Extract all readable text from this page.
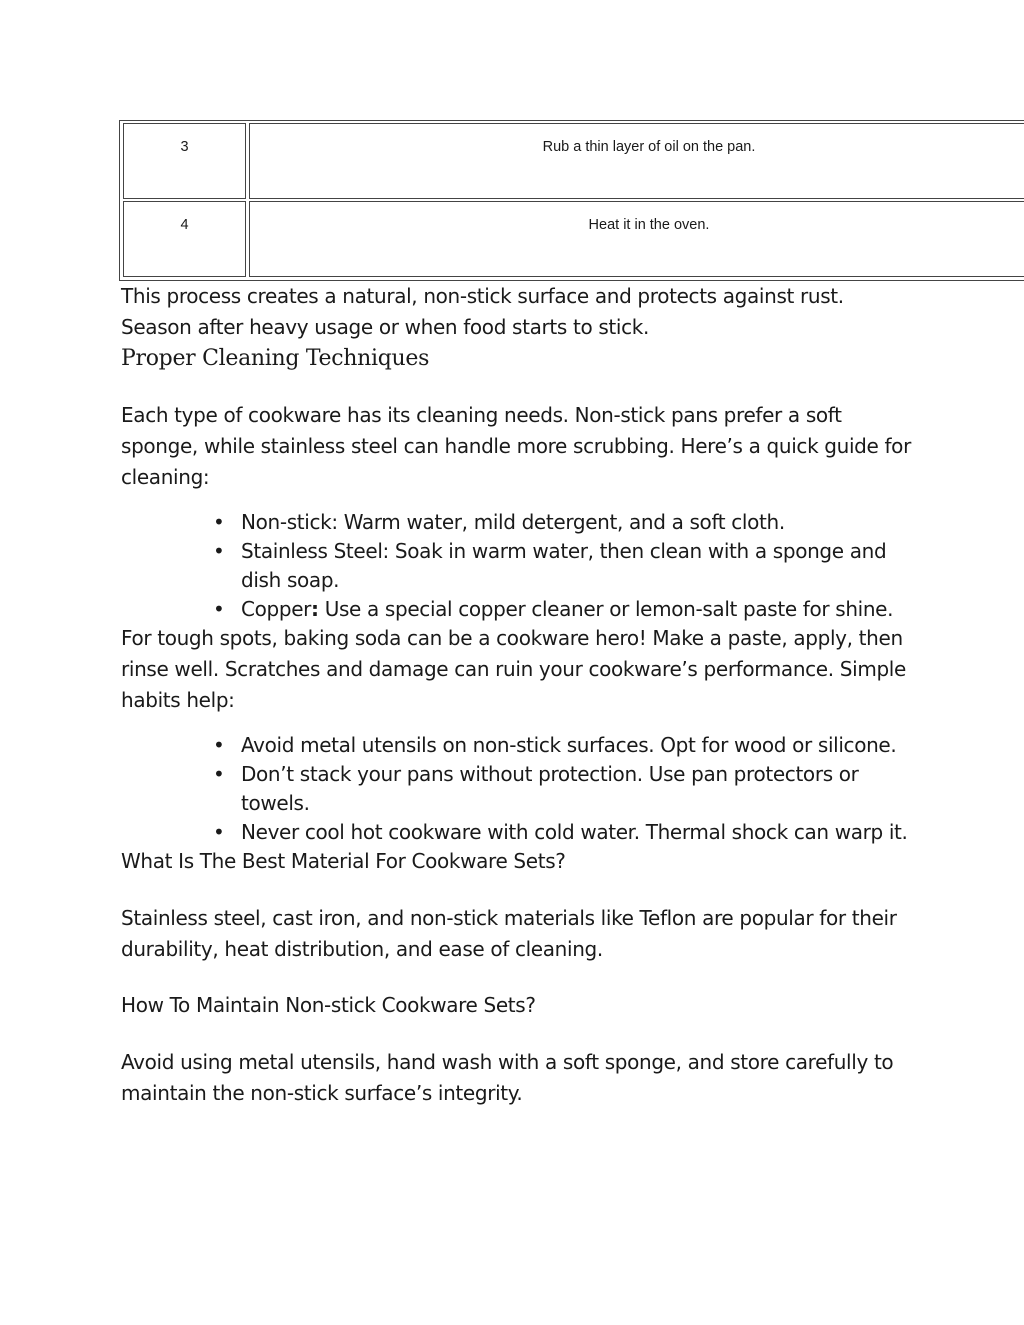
3	Rub a thin layer of oil on the pan.
4	Heat it in the oven.

This process creates a natural, non-stick surface and protects against rust. Season after heavy usage or when food starts to stick.

Proper Cleaning Techniques

Each type of cookware has its cleaning needs. Non-stick pans prefer a soft sponge, while stainless steel can handle more scrubbing. Here’s a quick guide for cleaning:

• Non-stick: Warm water, mild detergent, and a soft cloth.
• Stainless Steel: Soak in warm water, then clean with a sponge and dish soap.
• Copper: Use a special copper cleaner or lemon-salt paste for shine.

For tough spots, baking soda can be a cookware hero! Make a paste, apply, then rinse well. Scratches and damage can ruin your cookware’s performance. Simple habits help:

• Avoid metal utensils on non-stick surfaces. Opt for wood or silicone.
• Don’t stack your pans without protection. Use pan protectors or towels.
• Never cool hot cookware with cold water. Thermal shock can warp it.
What Is The Best Material For Cookware Sets?

Stainless steel, cast iron, and non-stick materials like Teflon are popular for their durability, heat distribution, and ease of cleaning.

How To Maintain Non-stick Cookware Sets?

Avoid using metal utensils, hand wash with a soft sponge, and store carefully to maintain the non-stick surface’s integrity.
